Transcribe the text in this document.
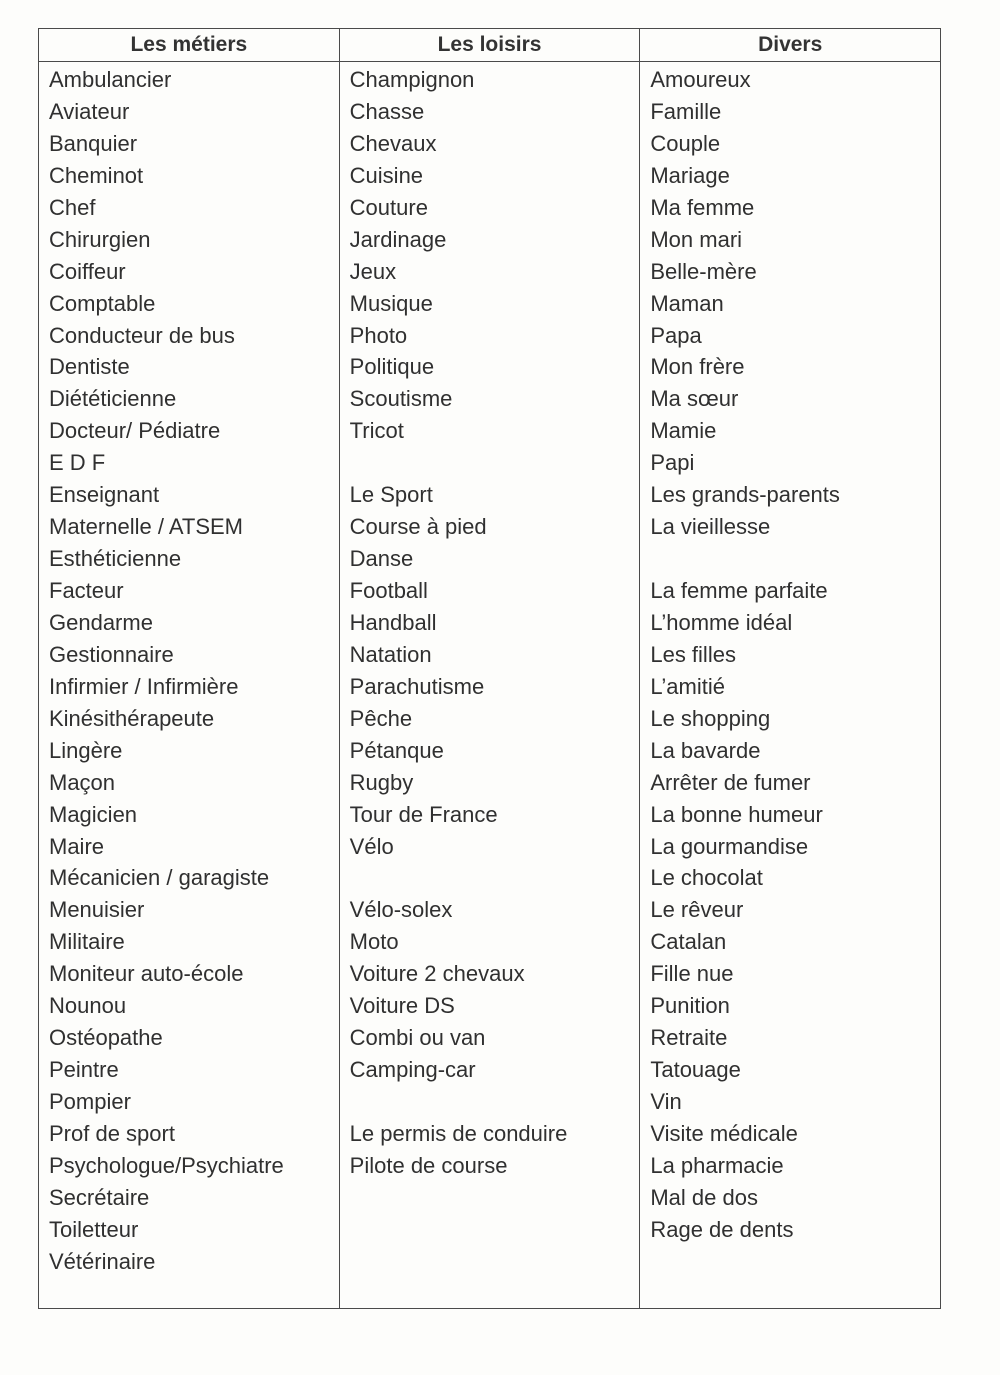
Les métiers
Ambulancier
Aviateur
Banquier
Cheminot
Chef
Chirurgien
Coiffeur
Comptable
Conducteur de bus
Dentiste
Diététicienne
Docteur/ Pédiatre
E D F
Enseignant
Maternelle / ATSEM
Esthéticienne
Facteur
Gendarme
Gestionnaire
Infirmier / Infirmière
Kinésithérapeute
Lingère
Maçon
Magicien
Maire
Mécanicien / garagiste
Menuisier
Militaire
Moniteur auto-école
Nounou
Ostéopathe
Peintre
Pompier
Prof de sport
Psychologue/Psychiatre
Secrétaire
Toiletteur
Vétérinaire
Les loisirs
Champignon
Chasse
Chevaux
Cuisine
Couture
Jardinage
Jeux
Musique
Photo
Politique
Scoutisme
Tricot
Le Sport
Course à pied
Danse
Football
Handball
Natation
Parachutisme
Pêche
Pétanque
Rugby
Tour de France
Vélo
Vélo-solex
Moto
Voiture 2 chevaux
Voiture DS
Combi ou van
Camping-car
Le permis de conduire
Pilote de course
Divers
Amoureux
Famille
Couple
Mariage
Ma femme
Mon mari
Belle-mère
Maman
Papa
Mon frère
Ma sœur
Mamie
Papi
Les grands-parents
La vieillesse
La femme parfaite
L’homme idéal
Les filles
L’amitié
Le shopping
La bavarde
Arrêter de fumer
La bonne humeur
La gourmandise
Le chocolat
Le rêveur
Catalan
Fille nue
Punition
Retraite
Tatouage
Vin
Visite médicale
La pharmacie
Mal de dos
Rage de dents
